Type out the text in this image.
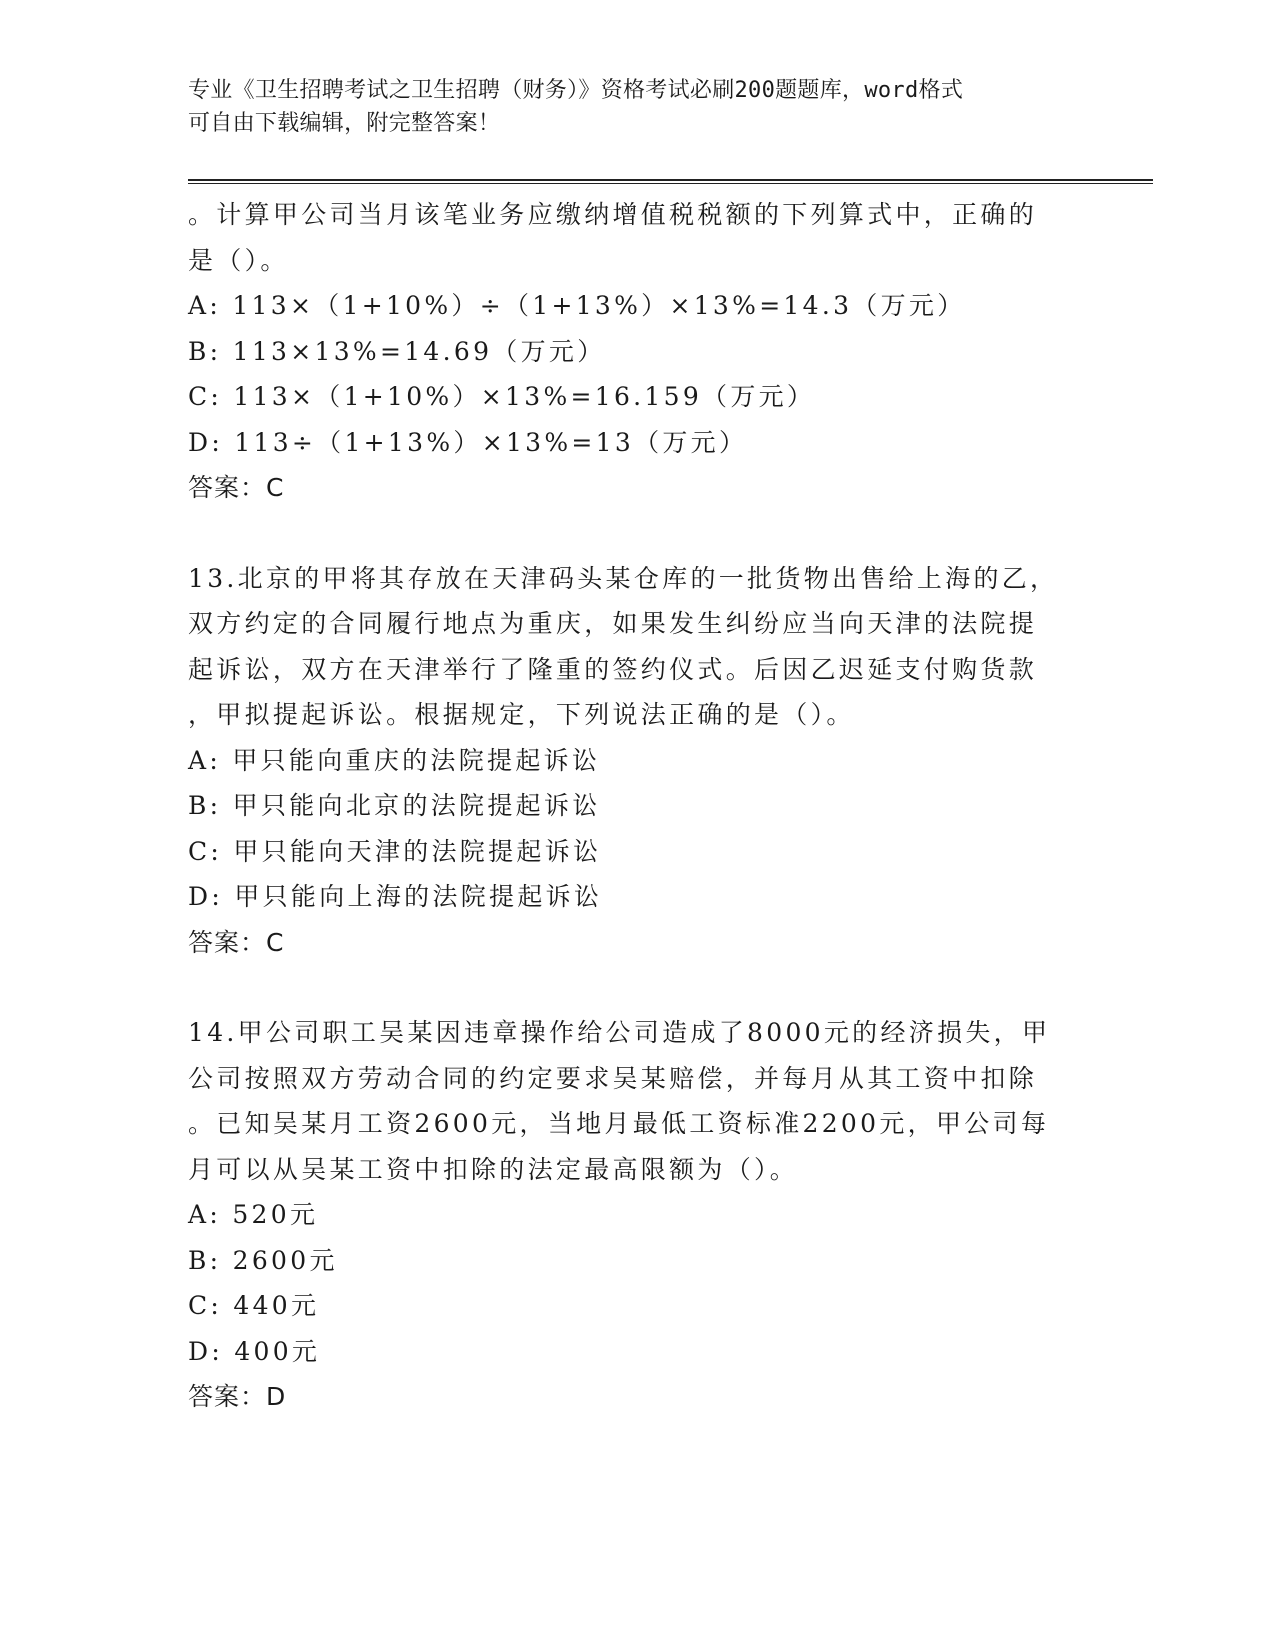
专业《卫生招聘考试之卫生招聘（财务）》资格考试必刷200题题库，word格式
可自由下载编辑，附完整答案！
。计算甲公司当月该笔业务应缴纳增值税税额的下列算式中，正确的
是（）。
A: 113×（1+10%）÷（1+13%）×13%=14.3（万元）
B: 113×13%=14.69（万元）
C: 113×（1+10%）×13%=16.159（万元）
D: 113÷（1+13%）×13%=13（万元）
答案：C
13.北京的甲将其存放在天津码头某仓库的一批货物出售给上海的乙，
双方约定的合同履行地点为重庆，如果发生纠纷应当向天津的法院提
起诉讼，双方在天津举行了隆重的签约仪式。后因乙迟延支付购货款
，甲拟提起诉讼。根据规定，下列说法正确的是（）。
A: 甲只能向重庆的法院提起诉讼
B: 甲只能向北京的法院提起诉讼
C: 甲只能向天津的法院提起诉讼
D: 甲只能向上海的法院提起诉讼
答案：C
14.甲公司职工吴某因违章操作给公司造成了8000元的经济损失，甲
公司按照双方劳动合同的约定要求吴某赔偿，并每月从其工资中扣除
。已知吴某月工资2600元，当地月最低工资标准2200元，甲公司每
月可以从吴某工资中扣除的法定最高限额为（）。
A: 520元
B: 2600元
C: 440元
D: 400元
答案：D
